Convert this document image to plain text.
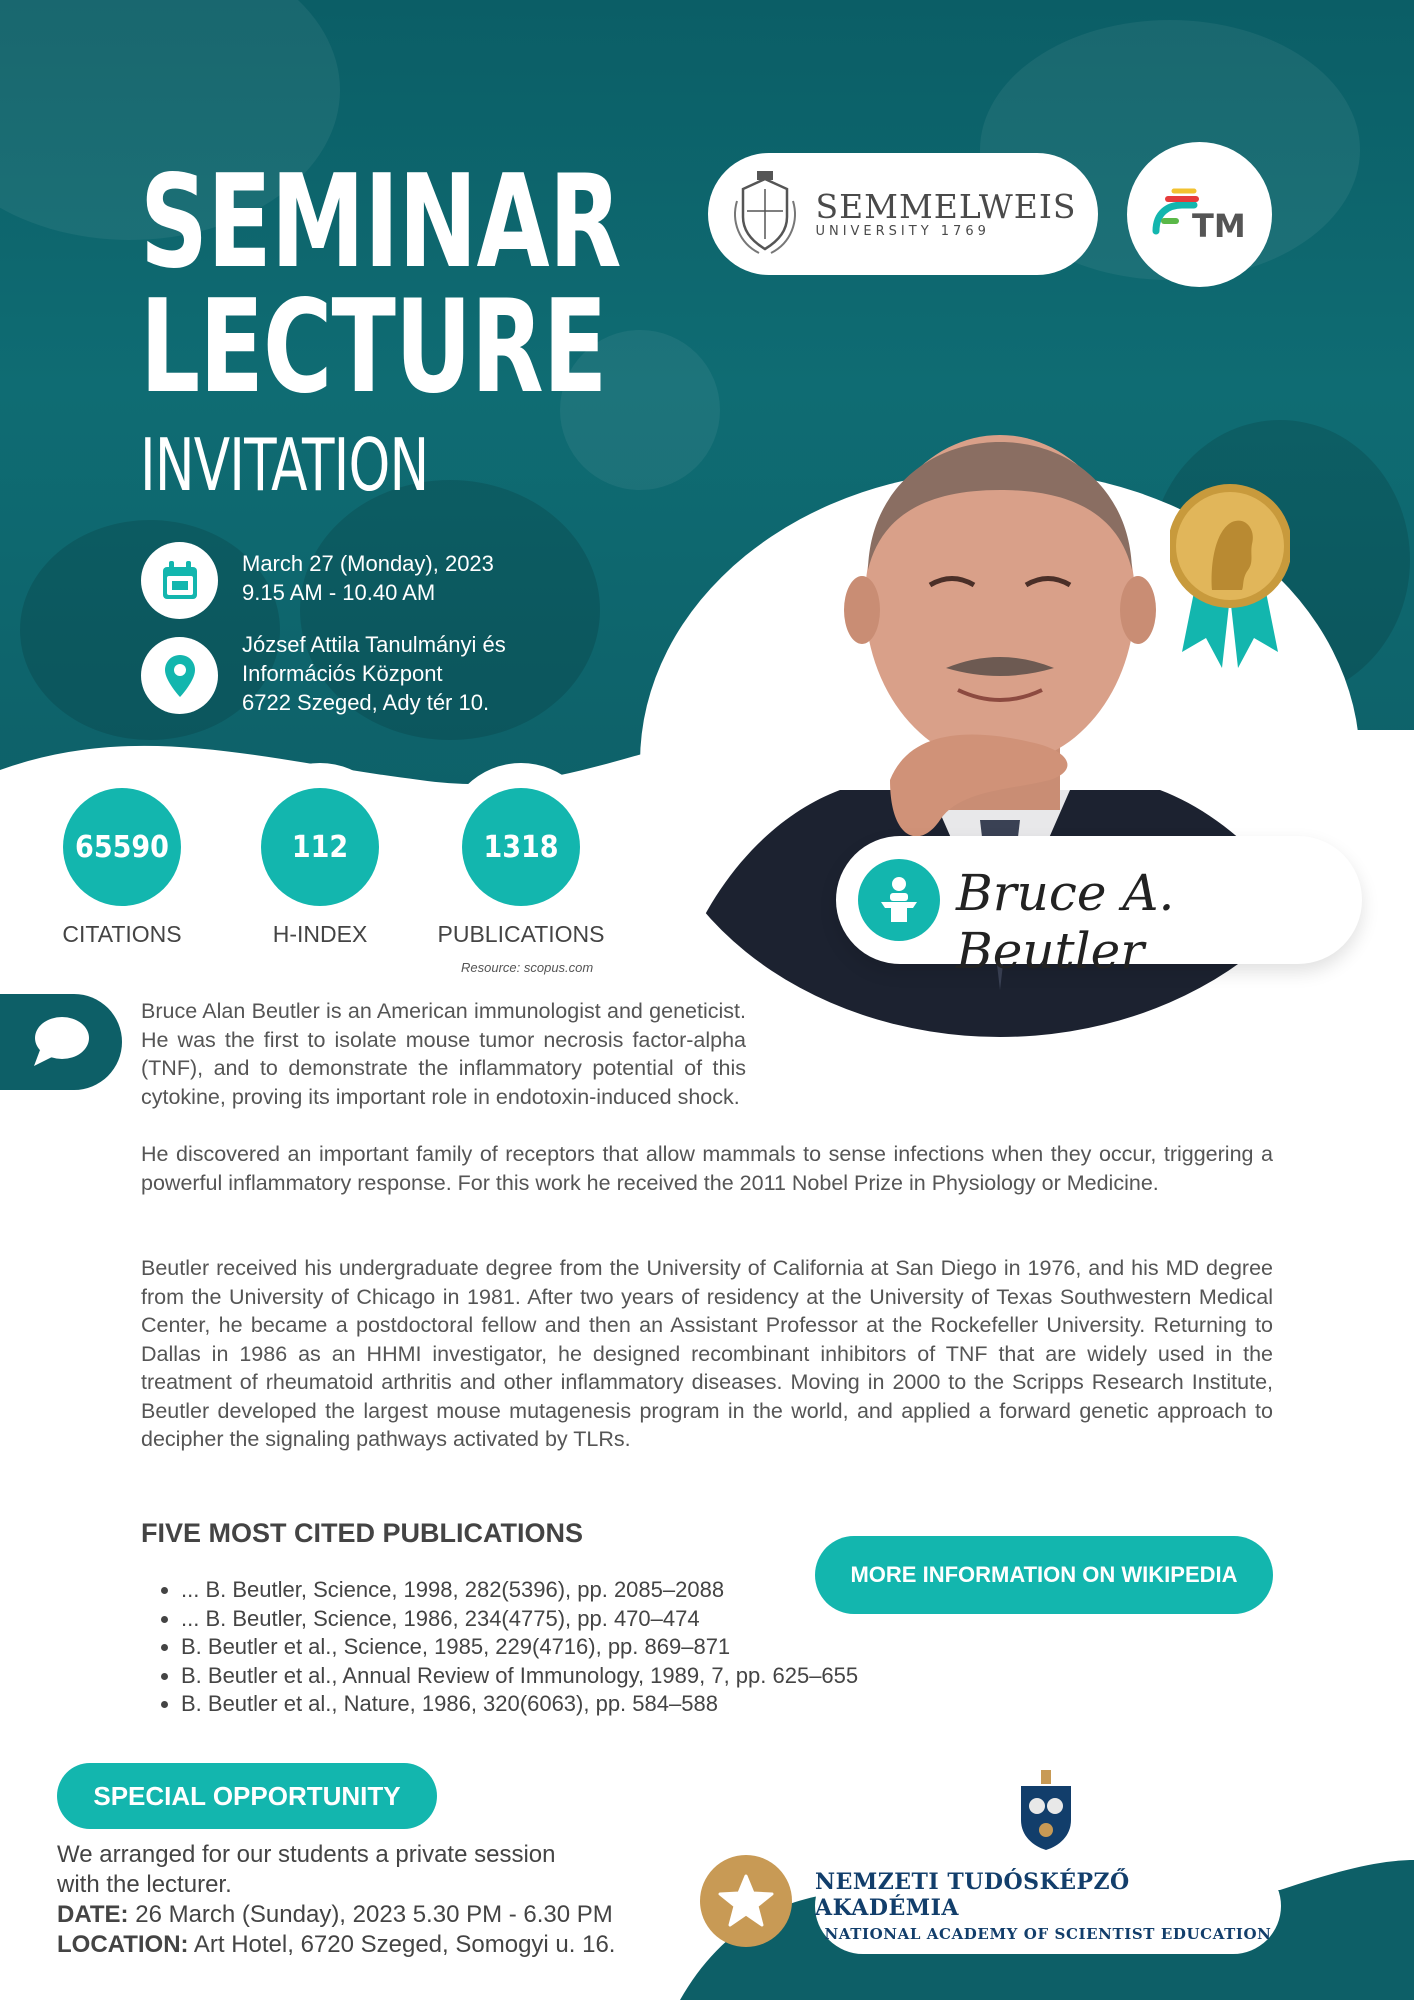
SEMINAR
LECTURE
INVITATION
March 27 (Monday), 2023
9.15 AM - 10.40 AM
József Attila Tanulmányi és
Információs Központ
6722 Szeged, Ady tér 10.
SEMMELWEIS
UNIVERSITY 1769	TM
Bruce A. Beutler
65590	112	1318
CITATIONS	H-INDEX	PUBLICATIONS
Resource: scopus.com

Bruce Alan Beutler is an American immunologist and geneticist. He was the first to isolate mouse tumor necrosis factor-alpha (TNF), and to demonstrate the inflammatory potential of this cytokine, proving its important role in endotoxin-induced shock.

He discovered an important family of receptors that allow mammals to sense infections when they occur, triggering a powerful inflammatory response. For this work he received the 2011 Nobel Prize in Physiology or Medicine.

Beutler received his undergraduate degree from the University of California at San Diego in 1976, and his MD degree from the University of Chicago in 1981. After two years of residency at the University of Texas Southwestern Medical Center, he became a postdoctoral fellow and then an Assistant Professor at the Rockefeller University. Returning to Dallas in 1986 as an HHMI investigator, he designed recombinant inhibitors of TNF that are widely used in the treatment of rheumatoid arthritis and other inflammatory diseases. Moving in 2000 to the Scripps Research Institute, Beutler developed the largest mouse mutagenesis program in the world, and applied a forward genetic approach to decipher the signaling pathways activated by TLRs.

FIVE MOST CITED PUBLICATIONS
MORE INFORMATION ON WIKIPEDIA
• ... B. Beutler, Science, 1998, 282(5396), pp. 2085–2088
• ... B. Beutler, Science, 1986, 234(4775), pp. 470–474
• B. Beutler et al., Science, 1985, 229(4716), pp. 869–871
• B. Beutler et al., Annual Review of Immunology, 1989, 7, pp. 625–655
• B. Beutler et al., Nature, 1986, 320(6063), pp. 584–588
SPECIAL OPPORTUNITY
We arranged for our students a private session
with the lecturer.
DATE: 26 March (Sunday), 2023 5.30 PM - 6.30 PM
LOCATION: Art Hotel, 6720 Szeged, Somogyi u. 16.
NEMZETI TUDÓSKÉPZŐ AKADÉMIA
NATIONAL ACADEMY OF SCIENTIST EDUCATION
